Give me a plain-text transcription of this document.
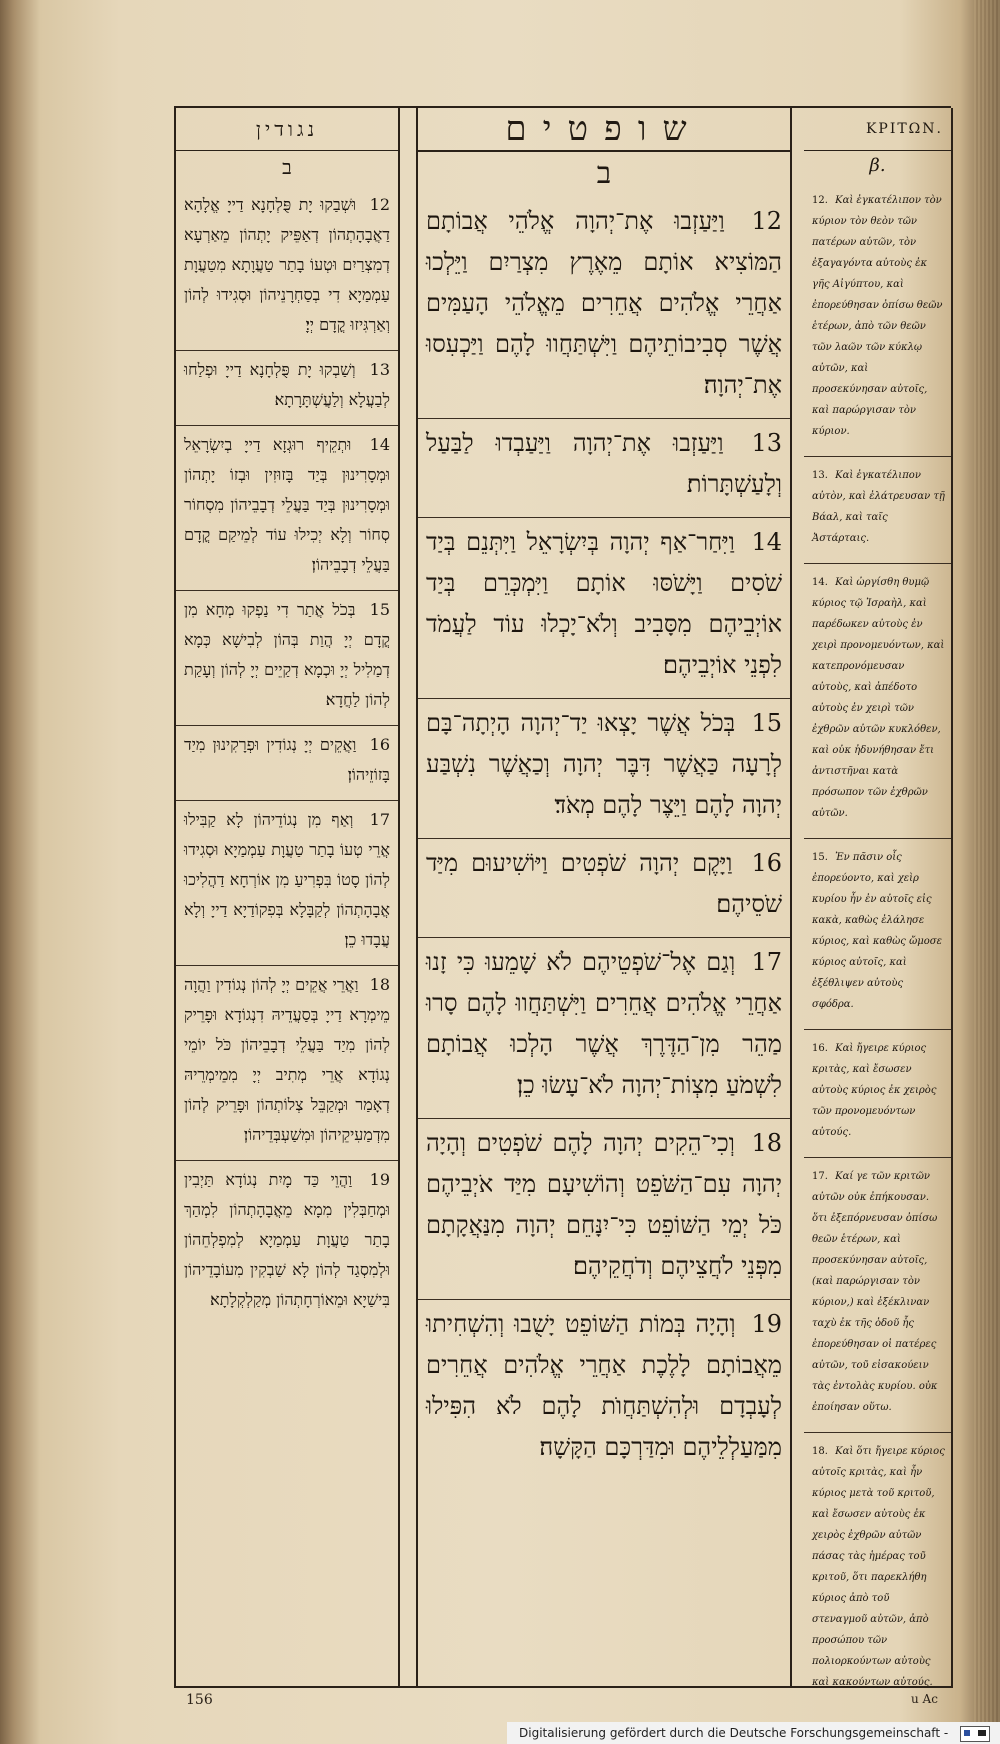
נגודין
ב
12 וּשְׁבַקוּ יָת פֻּלְחָנָא דַייָ אֱלָהָא דַאֲבָהָתְהוֹן דְאַפֵּיק יָתְהוֹן מֵאַרְעָא דְמִצְרַיִם וּטְעוֹ בָתַר טַעֲוָתָא מִטַעֲוָת עַמְמַיָא דִי בְסַחְרָנֵיהוֹן וּסְגִידוּ לְהוֹן וְאַרְגִּיזוּ קֳדָם יְיָ׃
13 וְשַׁבְקוּ יָת פֻּלְחָנָא דַייָ וּפְלַחוּ לְבַעֲלָא וְלַעֲשְׁתָּרָתָא׃
14 וּתְקֵיף רוּגְזָא דַייָ בְיִשְׂרָאֵל וּמְסָרִינוּן בְּיַד בָּזוּזִין וּבְזוֹ יָתְהוֹן וּמְסָרִינוּן בְּיַד בַּעֲלֵי דְבָבֵיהוֹן מִסְחוֹר סְחוֹר וְלָא יְכִילוּ עוֹד לְמֵיקַם קֳדָם בַּעֲלֵי דְבָבֵיהוֹן׃
15 בְּכֹל אֲתַר דִי נַפְקוּ מְחָא מִן קֳדָם יְיָ הֲוַת בְּהוֹן לְבִישָׁא כְּמָא דְמַלִיל יְיָ וּכְמָא דְקַיֵים יְיָ לְהוֹן וְעָקַת לְהוֹן לַחֲדָא׃
16 וַאֲקֵים יְיָ נְגוֹדִין וּפְרָקִינוּן מִיַד בָּזוֹזֵיהוֹן׃
17 וְאַף מִן נְגוֹדֵיהוֹן לָא קַבִּילוּ אֲרֵי טְעוֹ בָתַר טַעֲוָת עַמְמַיָא וּסְגִידוּ לְהוֹן סָטוֹ בִּפְרִיעַ מִן אוֹרְחָא דַהֲלִיכוּ אֲבָהָתְהוֹן לְקַבָּלָא בְּפִקוֹדַיָא דַייָ וְלָא עֲבָדוּ כֵן׃
18 וַאֲרֵי אֲקֵים יְיָ לְהוֹן נְגוֹדִין וַהֲוָה מֵימְרָא דַייָ בְּסַעֲדֵיהּ דִנְגוֹדָא וּפָרֵיק לְהוֹן מִיַד בַּעֲלֵי דְבָבֵיהוֹן כֹּל יוֹמֵי נְגוֹדָא אֲרֵי מְתִיב יְיָ מִמֵימְרֵיהּ דְאָמַר וּמְקַבֵּל צְלוֹתְהוֹן וּפָרֵיק לְהוֹן מִדְמַעִיקֵיהוֹן וּמִשַׁעְבְּדֵיהוֹן׃
19 וַהֲוֵי כַּד מָיִת נְגוֹדָא תַּיְבִין וּמְחַבְּלִין מִמָא מֵאֲבָהָתְהוֹן לִמְהַךְ בָתַר טַעֲוָת עַמְמַיָא לְמִפְלְחֵהוֹן וּלְמִסְגַד לְהוֹן לָא שַׁבְקִין מִעוֹבָדֵיהוֹן בִּישַׁיָא וּמֵאוֹרְחָתְהוֹן מְקַלְקְלָתָא׃
שופטים
ב
12 וַיַּעַזְבוּ אֶת־יְהוָה אֱלֹהֵי אֲבוֹתָם הַמּוֹצִיא אוֹתָם מֵאֶרֶץ מִצְרַיִם וַיֵּלְכוּ אַחֲרֵי אֱלֹהִים אֲחֵרִים מֵאֱלֹהֵי הָעַמִּים אֲשֶׁר סְבִיבוֹתֵיהֶם וַיִּשְׁתַּחֲווּ לָהֶם וַיַּכְעִסוּ אֶת־יְהוָה׃
13 וַיַּעַזְבוּ אֶת־יְהוָה וַיַּעַבְדוּ לַבַּעַל וְלָעַשְׁתָּרוֹת׃
14 וַיִּחַר־אַף יְהוָה בְּיִשְׂרָאֵל וַיִּתְּנֵם בְּיַד שֹׁסִים וַיָּשֹׁסּוּ אוֹתָם וַיִּמְכְּרֵם בְּיַד אוֹיְבֵיהֶם מִסָּבִיב וְלֹא־יָכְלוּ עוֹד לַעֲמֹד לִפְנֵי אוֹיְבֵיהֶם׃
15 בְּכֹל אֲשֶׁר יָצְאוּ יַד־יְהוָה הָיְתָה־בָּם לְרָעָה כַּאֲשֶׁר דִּבֶּר יְהוָה וְכַאֲשֶׁר נִשְׁבַּע יְהוָה לָהֶם וַיֵּצֶר לָהֶם מְאֹד׃
16 וַיָּקֶם יְהוָה שֹׁפְטִים וַיּוֹשִׁיעוּם מִיַּד שֹׁסֵיהֶם׃
17 וְגַם אֶל־שֹׁפְטֵיהֶם לֹא שָׁמֵעוּ כִּי זָנוּ אַחֲרֵי אֱלֹהִים אֲחֵרִים וַיִּשְׁתַּחֲווּ לָהֶם סָרוּ מַהֵר מִן־הַדֶּרֶךְ אֲשֶׁר הָלְכוּ אֲבוֹתָם לִשְׁמֹעַ מִצְוֹת־יְהוָה לֹא־עָשׂוּ כֵן׃
18 וְכִי־הֵקִים יְהוָה לָהֶם שֹׁפְטִים וְהָיָה יְהוָה עִם־הַשֹּׁפֵט וְהוֹשִׁיעָם מִיַּד אֹיְבֵיהֶם כֹּל יְמֵי הַשּׁוֹפֵט כִּי־יִנָּחֵם יְהוָה מִנַּאֲקָתָם מִפְּנֵי לֹחֲצֵיהֶם וְדֹחֲקֵיהֶם׃
19 וְהָיָה בְּמוֹת הַשּׁוֹפֵט יָשֻׁבוּ וְהִשְׁחִיתוּ מֵאֲבוֹתָם לָלֶכֶת אַחֲרֵי אֱלֹהִים אֲחֵרִים לְעָבְדָם וּלְהִשְׁתַּחֲוֺת לָהֶם לֹא הִפִּילוּ מִמַּעַלְלֵיהֶם וּמִדַּרְכָּם הַקָּשָׁה׃
ΚΡΙΤΩΝ.
β.
12. Καὶ ἐγκατέλιπον τὸν κύριον τὸν θεὸν τῶν πατέρων αὐτῶν, τὸν ἐξαγαγόντα αὐτοὺς ἐκ γῆς Αἰγύπτου, καὶ ἐπορεύθησαν ὀπίσω θεῶν ἑτέρων, ἀπὸ τῶν θεῶν τῶν λαῶν τῶν κύκλῳ αὐτῶν, καὶ προσεκύνησαν αὐτοῖς, καὶ παρώργισαν τὸν κύριον.
13. Καὶ ἐγκατέλιπον αὐτὸν, καὶ ἐλάτρευσαν τῇ Βάαλ, καὶ ταῖς Ἀστάρταις.
14. Καὶ ὠργίσθη θυμῷ κύριος τῷ Ἰσραὴλ, καὶ παρέδωκεν αὐτοὺς ἐν χειρὶ προνομευόντων, καὶ κατεπρονόμευσαν αὐτοὺς, καὶ ἀπέδοτο αὐτοὺς ἐν χειρὶ τῶν ἐχθρῶν αὐτῶν κυκλόθεν, καὶ οὐκ ἠδυνήθησαν ἔτι ἀντιστῆναι κατὰ πρόσωπον τῶν ἐχθρῶν αὐτῶν.
15. Ἐν πᾶσιν οἷς ἐπορεύοντο, καὶ χεὶρ κυρίου ἦν ἐν αὐτοῖς εἰς κακὰ, καθὼς ἐλάλησε κύριος, καὶ καθὼς ὤμοσε κύριος αὐτοῖς, καὶ ἐξέθλιψεν αὐτοὺς σφόδρα.
16. Καὶ ἤγειρε κύριος κριτὰς, καὶ ἔσωσεν αὐτοὺς κύριος ἐκ χειρὸς τῶν προνομευόντων αὐτούς.
17. Καί γε τῶν κριτῶν αὐτῶν οὐκ ἐπήκουσαν. ὅτι ἐξεπόρνευσαν ὀπίσω θεῶν ἑτέρων, καὶ προσεκύνησαν αὐτοῖς, (καὶ παρώργισαν τὸν κύριον,) καὶ ἐξέκλιναν ταχὺ ἐκ τῆς ὁδοῦ ἧς ἐπορεύθησαν οἱ πατέρες αὐτῶν, τοῦ εἰσακούειν τὰς ἐντολὰς κυρίου. οὐκ ἐποίησαν οὕτω.
18. Καὶ ὅτι ἤγειρε κύριος αὐτοῖς κριτὰς, καὶ ἦν κύριος μετὰ τοῦ κριτοῦ, καὶ ἔσωσεν αὐτοὺς ἐκ χειρὸς ἐχθρῶν αὐτῶν πάσας τὰς ἡμέρας τοῦ κριτοῦ, ὅτι παρεκλήθη κύριος ἀπὸ τοῦ στεναγμοῦ αὐτῶν, ἀπὸ προσώπου τῶν πολιορκούντων αὐτοὺς καὶ κακούντων αὐτούς.
156	u Ac
Digitalisierung gefördert durch die Deutsche Forschungsgemeinschaft -
